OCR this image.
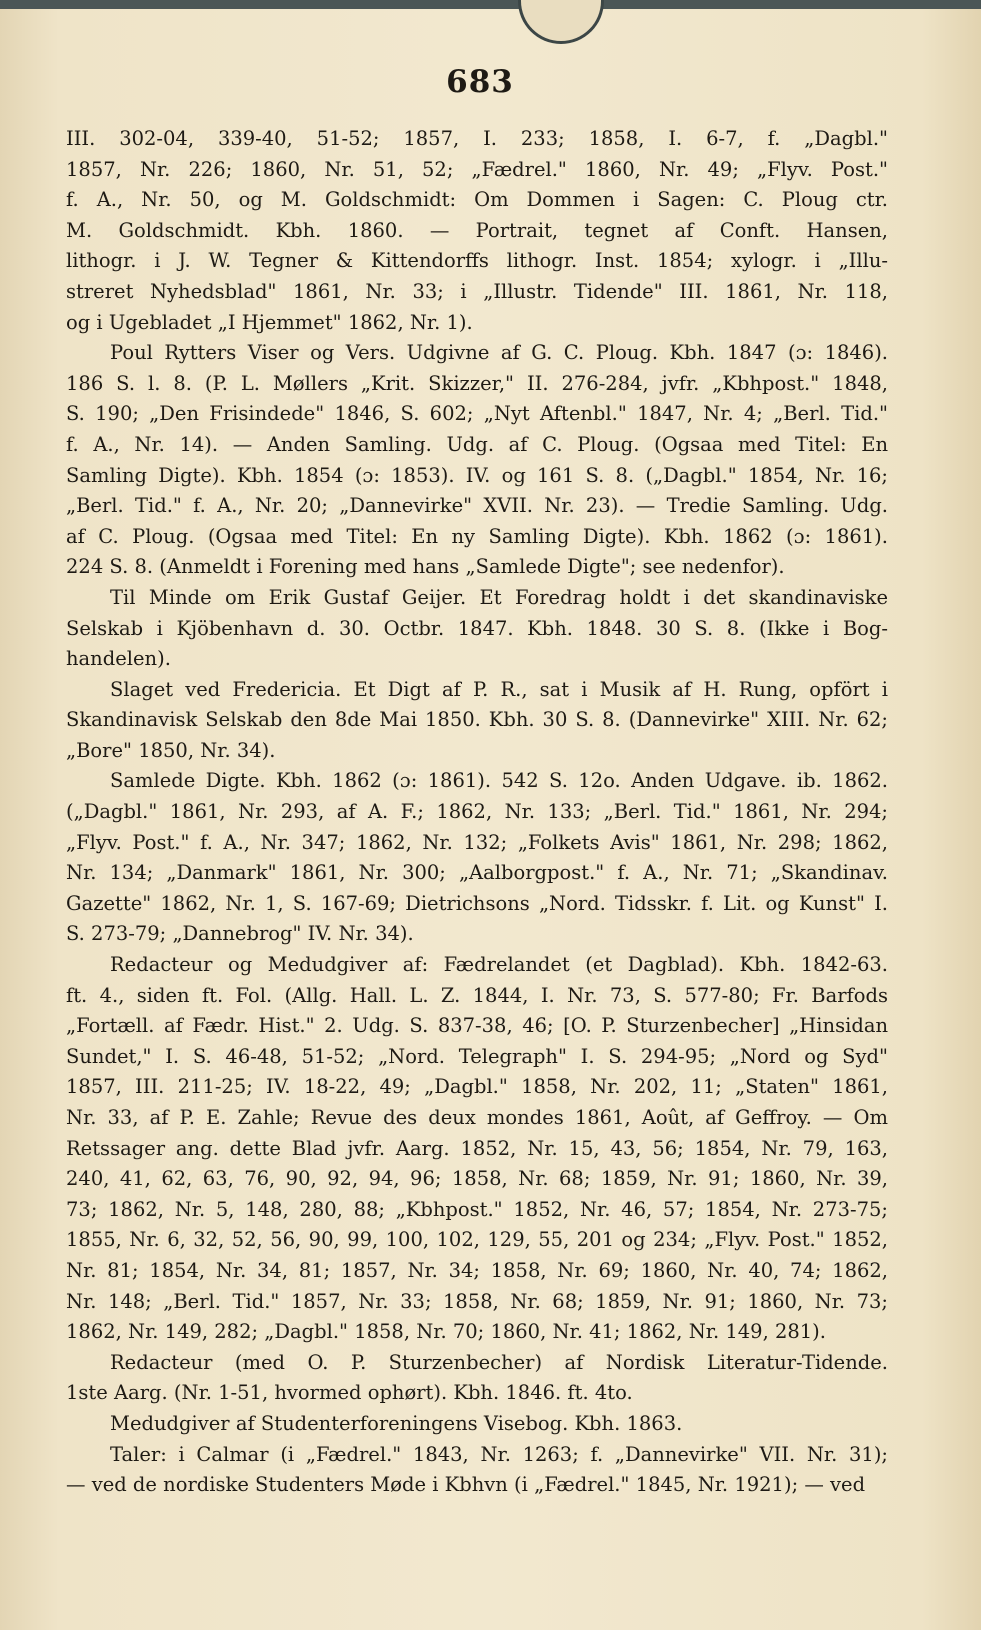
683

III. 302-04, 339-40, 51-52; 1857, I. 233; 1858, I. 6-7, f. „Dagbl."
1857, Nr. 226; 1860, Nr. 51, 52; „Fædrel." 1860, Nr. 49; „Flyv. Post."
f. A., Nr. 50, og M. Goldschmidt: Om Dommen i Sagen: C. Ploug ctr.
M. Goldschmidt. Kbh. 1860. — Portrait, tegnet af Conft. Hansen,
lithogr. i J. W. Tegner & Kittendorffs lithogr. Inst. 1854; xylogr. i „Illu-
streret Nyhedsblad" 1861, Nr. 33; i „Illustr. Tidende" III. 1861, Nr. 118,
og i Ugebladet „I Hjemmet" 1862, Nr. 1).

Poul Rytters Viser og Vers. Udgivne af G. C. Ploug. Kbh. 1847 (ɔ: 1846).
186 S. l. 8. (P. L. Møllers „Krit. Skizzer," II. 276-284, jvfr. „Kbhpost." 1848,
S. 190; „Den Frisindede" 1846, S. 602; „Nyt Aftenbl." 1847, Nr. 4; „Berl. Tid."
f. A., Nr. 14). — Anden Samling. Udg. af C. Ploug. (Ogsaa med Titel: En
Samling Digte). Kbh. 1854 (ɔ: 1853). IV. og 161 S. 8. („Dagbl." 1854, Nr. 16;
„Berl. Tid." f. A., Nr. 20; „Dannevirke" XVII. Nr. 23). — Tredie Samling. Udg.
af C. Ploug. (Ogsaa med Titel: En ny Samling Digte). Kbh. 1862 (ɔ: 1861).
224 S. 8. (Anmeldt i Forening med hans „Samlede Digte"; see nedenfor).

Til Minde om Erik Gustaf Geijer. Et Foredrag holdt i det skandinaviske
Selskab i Kjöbenhavn d. 30. Octbr. 1847. Kbh. 1848. 30 S. 8. (Ikke i Bog-
handelen).

Slaget ved Fredericia. Et Digt af P. R., sat i Musik af H. Rung, opfört i
Skandinavisk Selskab den 8de Mai 1850. Kbh. 30 S. 8. (Dannevirke" XIII. Nr. 62;
„Bore" 1850, Nr. 34).

Samlede Digte. Kbh. 1862 (ɔ: 1861). 542 S. 12o. Anden Udgave. ib. 1862.
(„Dagbl." 1861, Nr. 293, af A. F.; 1862, Nr. 133; „Berl. Tid." 1861, Nr. 294;
„Flyv. Post." f. A., Nr. 347; 1862, Nr. 132; „Folkets Avis" 1861, Nr. 298; 1862,
Nr. 134; „Danmark" 1861, Nr. 300; „Aalborgpost." f. A., Nr. 71; „Skandinav.
Gazette" 1862, Nr. 1, S. 167-69; Dietrichsons „Nord. Tidsskr. f. Lit. og Kunst" I.
S. 273-79; „Dannebrog" IV. Nr. 34).

Redacteur og Medudgiver af: Fædrelandet (et Dagblad). Kbh. 1842-63.
ft. 4., siden ft. Fol. (Allg. Hall. L. Z. 1844, I. Nr. 73, S. 577-80; Fr. Barfods
„Fortæll. af Fædr. Hist." 2. Udg. S. 837-38, 46; [O. P. Sturzenbecher] „Hinsidan
Sundet," I. S. 46-48, 51-52; „Nord. Telegraph" I. S. 294-95; „Nord og Syd"
1857, III. 211-25; IV. 18-22, 49; „Dagbl." 1858, Nr. 202, 11; „Staten" 1861,
Nr. 33, af P. E. Zahle; Revue des deux mondes 1861, Août, af Geffroy. — Om
Retssager ang. dette Blad jvfr. Aarg. 1852, Nr. 15, 43, 56; 1854, Nr. 79, 163,
240, 41, 62, 63, 76, 90, 92, 94, 96; 1858, Nr. 68; 1859, Nr. 91; 1860, Nr. 39,
73; 1862, Nr. 5, 148, 280, 88; „Kbhpost." 1852, Nr. 46, 57; 1854, Nr. 273-75;
1855, Nr. 6, 32, 52, 56, 90, 99, 100, 102, 129, 55, 201 og 234; „Flyv. Post." 1852,
Nr. 81; 1854, Nr. 34, 81; 1857, Nr. 34; 1858, Nr. 69; 1860, Nr. 40, 74; 1862,
Nr. 148; „Berl. Tid." 1857, Nr. 33; 1858, Nr. 68; 1859, Nr. 91; 1860, Nr. 73;
1862, Nr. 149, 282; „Dagbl." 1858, Nr. 70; 1860, Nr. 41; 1862, Nr. 149, 281).

Redacteur (med O. P. Sturzenbecher) af Nordisk Literatur-Tidende.
1ste Aarg. (Nr. 1-51, hvormed ophørt). Kbh. 1846. ft. 4to.

Medudgiver af Studenterforeningens Visebog. Kbh. 1863.

Taler: i Calmar (i „Fædrel." 1843, Nr. 1263; f. „Dannevirke" VII. Nr. 31);
— ved de nordiske Studenters Møde i Kbhvn (i „Fædrel." 1845, Nr. 1921); — ved
